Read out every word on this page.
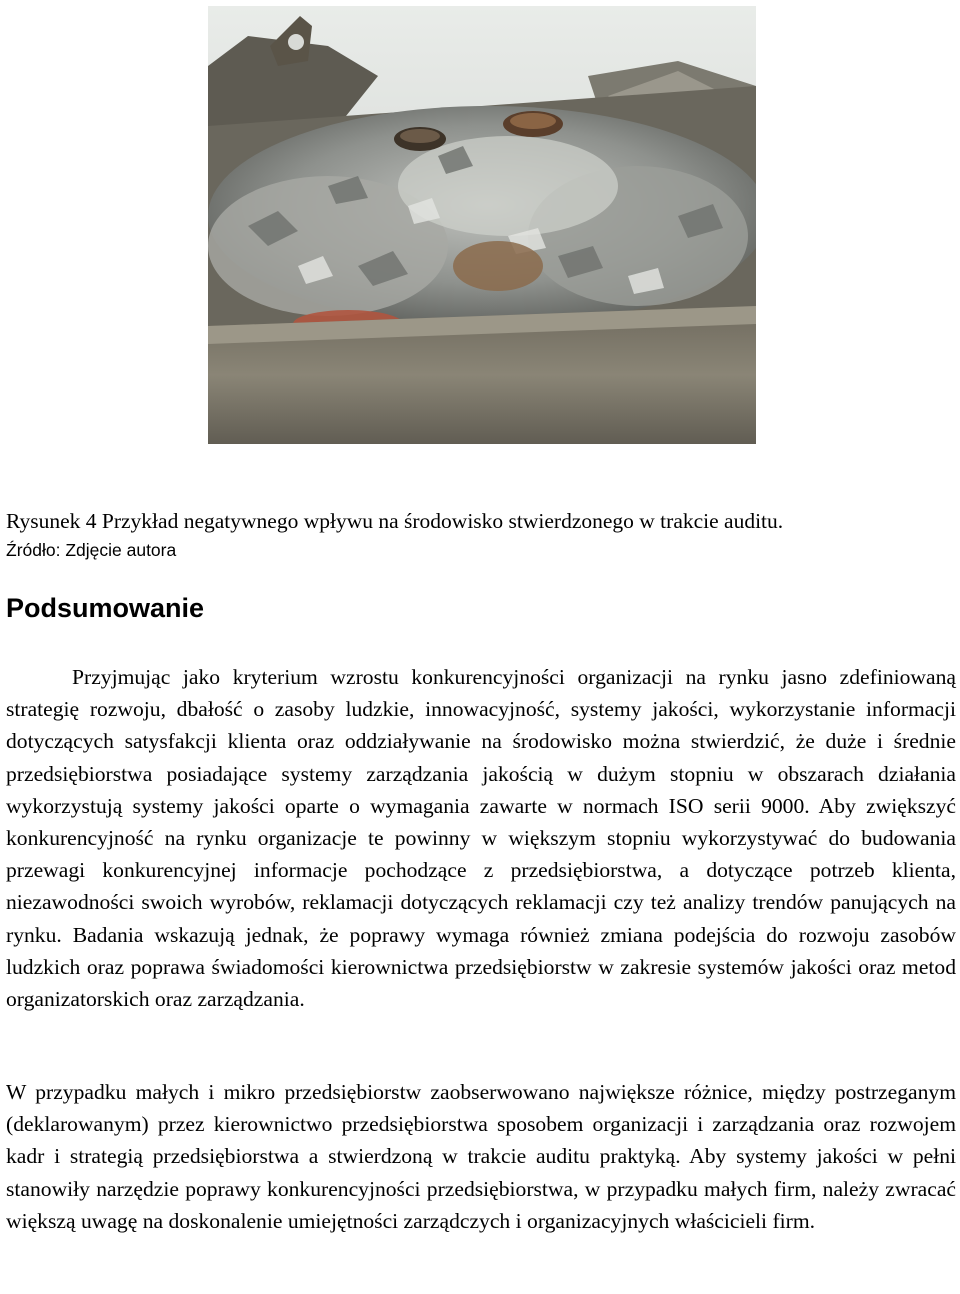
Rysunek 4 Przykład negatywnego wpływu na środowisko stwierdzonego w trakcie auditu.
Źródło: Zdjęcie autora
Podsumowanie

Przyjmując jako kryterium wzrostu konkurencyjności organizacji na rynku jasno zdefiniowaną strategię rozwoju, dbałość o zasoby ludzkie, innowacyjność, systemy jakości, wykorzystanie informacji dotyczących satysfakcji klienta oraz oddziaływanie na środowisko można stwierdzić, że duże i średnie przedsiębiorstwa posiadające systemy zarządzania jakością w dużym stopniu w obszarach działania wykorzystują systemy jakości oparte o wymagania zawarte w normach ISO serii 9000. Aby zwiększyć konkurencyjność na rynku organizacje te powinny w większym stopniu wykorzystywać do budowania przewagi konkurencyjnej informacje pochodzące z przedsiębiorstwa, a dotyczące potrzeb klienta, niezawodności swoich wyrobów, reklamacji dotyczących reklamacji czy też analizy trendów panujących na rynku. Badania wskazują jednak, że poprawy wymaga również zmiana podejścia do rozwoju zasobów ludzkich oraz poprawa świadomości kierownictwa przedsiębiorstw w zakresie systemów jakości oraz metod organizatorskich oraz zarządzania.

W przypadku małych i mikro przedsiębiorstw zaobserwowano największe różnice, między postrzeganym (deklarowanym) przez kierownictwo przedsiębiorstwa sposobem organizacji i zarządzania oraz rozwojem kadr i strategią przedsiębiorstwa a stwierdzoną w trakcie auditu praktyką. Aby systemy jakości w pełni stanowiły narzędzie poprawy konkurencyjności przedsiębiorstwa, w przypadku małych firm, należy zwracać większą uwagę na doskonalenie umiejętności zarządczych i organizacyjnych właścicieli firm.
